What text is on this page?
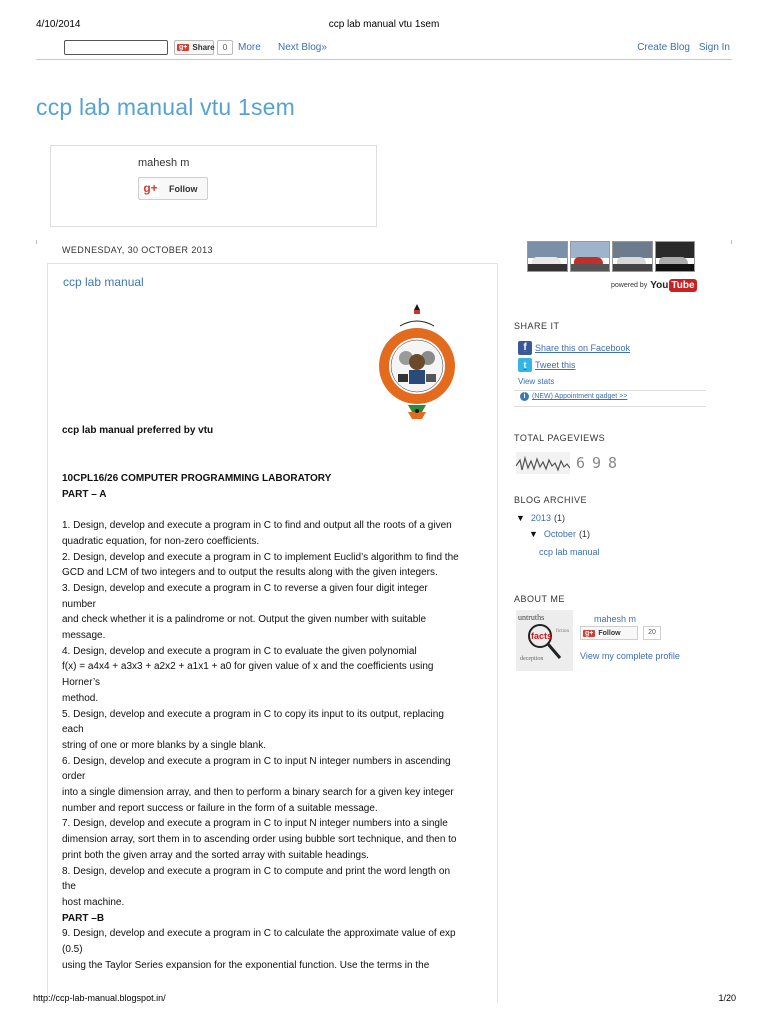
4/10/2014	ccp lab manual vtu 1sem
g+ Share	0	More Next Blog»	Create Blog Sign In
ccp lab manual vtu 1sem
mahesh m
g+ Follow
WEDNESDAY, 30 OCTOBER 2013
ccp lab manual
ccp lab manual preferred by vtu
10CPL16/26 COMPUTER PROGRAMMING LABORATORY
PART – A
1. Design, develop and execute a program in C to find and output all the roots of a given
quadratic equation, for non-zero coefficients.
2. Design, develop and execute a program in C to implement Euclid’s algorithm to find the
GCD and LCM of two integers and to output the results along with the given integers.
3. Design, develop and execute a program in C to reverse a given four digit integer
number
and check whether it is a palindrome or not. Output the given number with suitable
message.
4. Design, develop and execute a program in C to evaluate the given polynomial
f(x) = a4x4 + a3x3 + a2x2 + a1x1 + a0 for given value of x and the coefficients using
Horner’s
method.
5. Design, develop and execute a program in C to copy its input to its output, replacing
each
string of one or more blanks by a single blank.
6. Design, develop and execute a program in C to input N integer numbers in ascending
order
into a single dimension array, and then to perform a binary search for a given key integer
number and report success or failure in the form of a suitable message.
7. Design, develop and execute a program in C to input N integer numbers into a single
dimension array, sort them in to ascending order using bubble sort technique, and then to
print both the given array and the sorted array with suitable headings.
8. Design, develop and execute a program in C to compute and print the word length on
the
host machine.
PART –B
9. Design, develop and execute a program in C to calculate the approximate value of exp
(0.5)
using the Taylor Series expansion for the exponential function. Use the terms in the
powered by You Tube
SHARE IT
f Share this on Facebook
t Tweet this
View stats
i (NEW) Appointment gadget >>
TOTAL PAGEVIEWS
698
BLOG ARCHIVE
▼ 2013 (1)
▼ October (1)
ccp lab manual
ABOUT ME
untruths
deception
facts fiction
mahesh m
g+ Follow	20
View my complete profile
http://ccp-lab-manual.blogspot.in/	1/20
